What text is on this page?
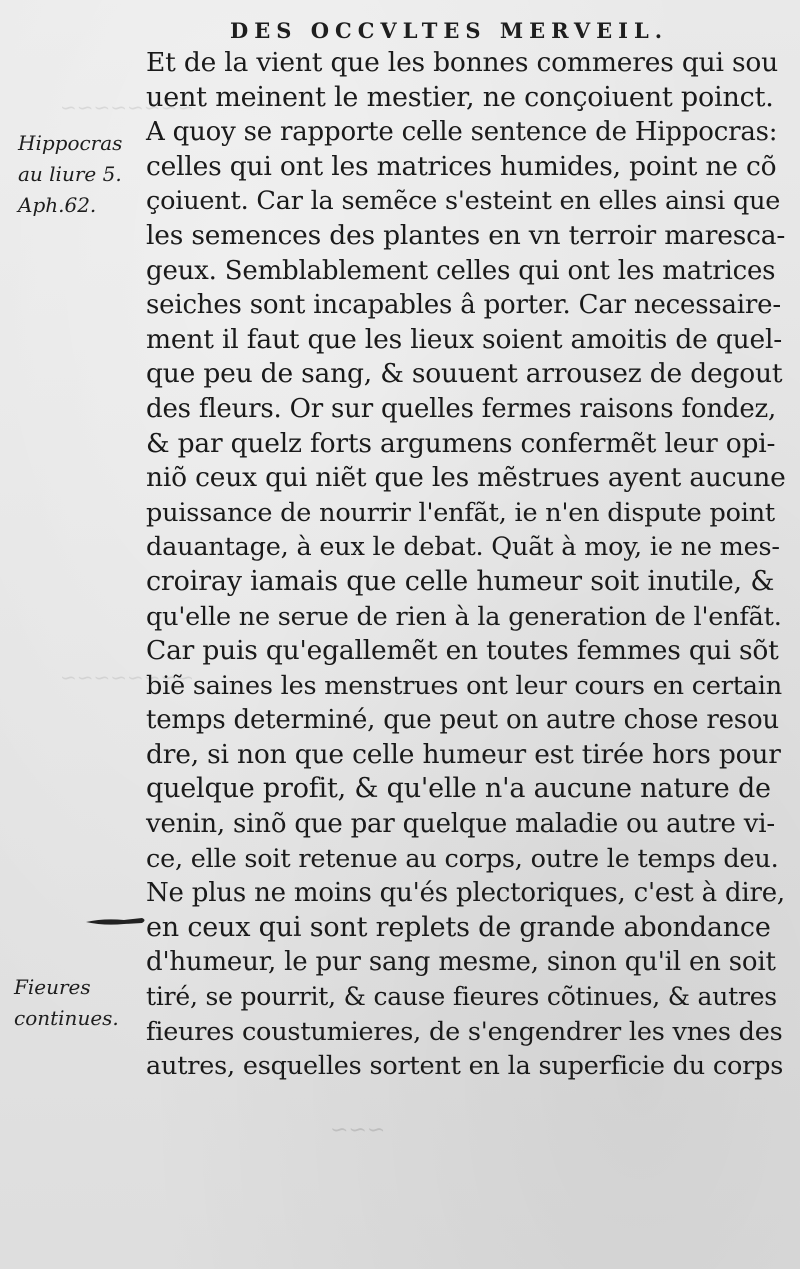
~~~~~~~~
~~~~~~~~
DES OCCVLTES MERVEIL.
Hippocras
au liure 5.
Aph.62.
Fieures
continues.
Et de la vient que les bonnes commeres qui sou
uent meinent le mestier, ne conçoiuent poinct.
A quoy se rapporte celle sentence de Hippocras:
celles qui ont les matrices humides, point ne cõ
çoiuent. Car la semẽce s'esteint en elles ainsi que
les semences des plantes en vn terroir maresca-
geux. Semblablement celles qui ont les matrices
seiches sont incapables â porter. Car necessaire-
ment il faut que les lieux soient amoitis de quel-
que peu de sang, & souuent arrousez de degout
des fleurs. Or sur quelles fermes raisons fondez,
& par quelz forts argumens confermẽt leur opi-
niõ ceux qui niẽt que les mẽstrues ayent aucune
puissance de nourrir l'enfãt, ie n'en dispute point
dauantage, à eux le debat. Quãt à moy, ie ne mes-
croiray iamais que celle humeur soit inutile, &
qu'elle ne serue de rien à la generation de l'enfãt.
Car puis qu'egallemẽt en toutes femmes qui sõt
biẽ saines les menstrues ont leur cours en certain
temps determiné, que peut on autre chose resou
dre, si non que celle humeur est tirée hors pour
quelque profit, & qu'elle n'a aucune nature de
venin, sinõ que par quelque maladie ou autre vi-
ce, elle soit retenue au corps, outre le temps deu.
Ne plus ne moins qu'és plectoriques, c'est à dire,
en ceux qui sont replets de grande abondance
d'humeur, le pur sang mesme, sinon qu'il en soit
tiré, se pourrit, & cause fieures cõtinues, & autres
fieures coustumieres, de s'engendrer les vnes des
autres, esquelles sortent en la superficie du corps
~~~
